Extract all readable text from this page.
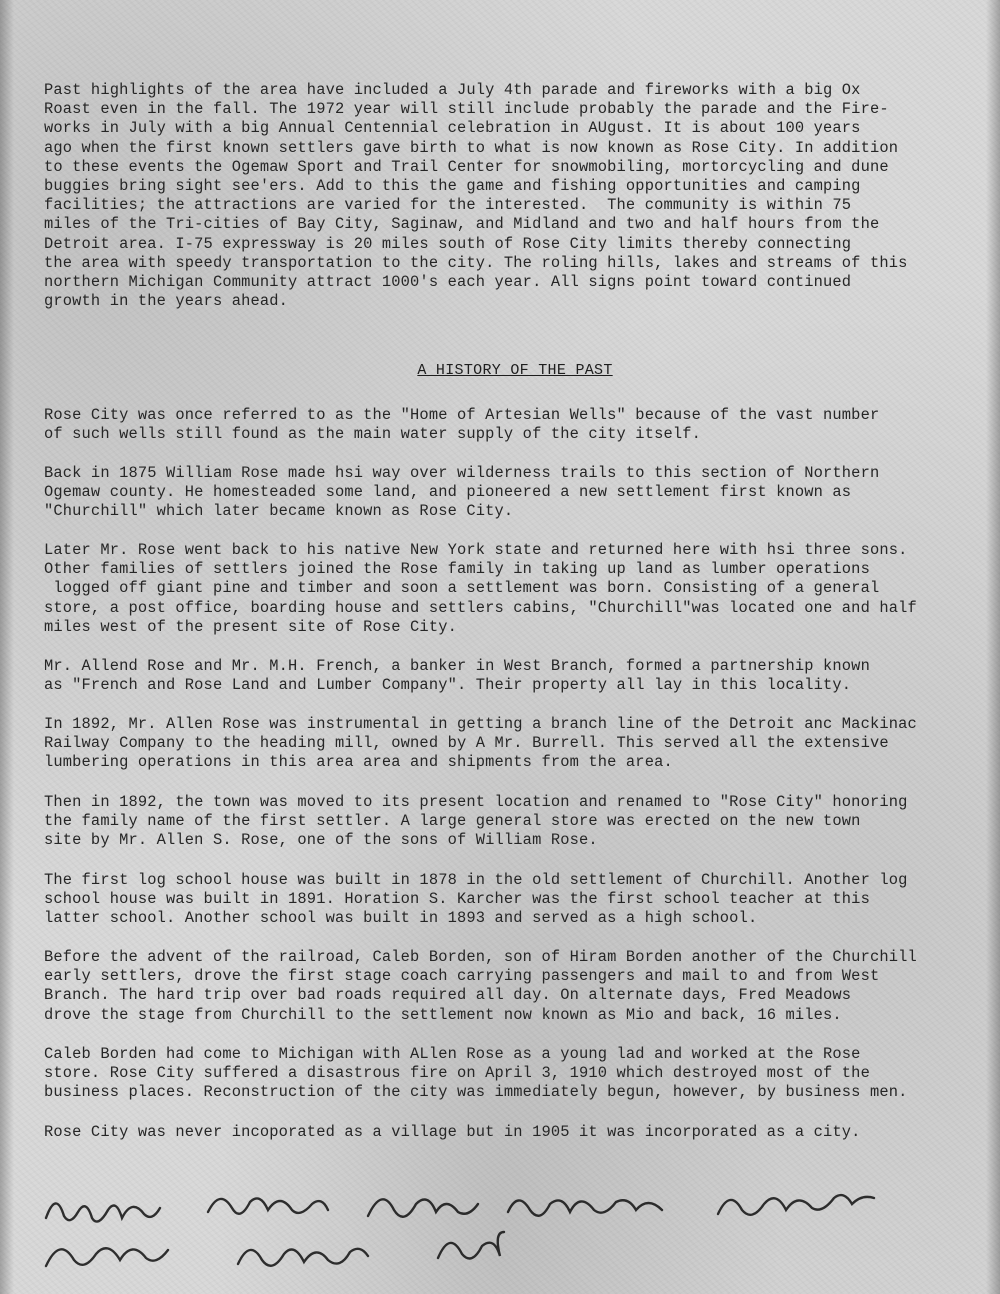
Past highlights of the area have included a July 4th parade and fireworks with a big Ox
Roast even in the fall. The 1972 year will still include probably the parade and the Fire-
works in July with a big Annual Centennial celebration in AUgust. It is about 100 years
ago when the first known settlers gave birth to what is now known as Rose City. In addition
to these events the Ogemaw Sport and Trail Center for snowmobiling, mortorcycling and dune
buggies bring sight see'ers. Add to this the game and fishing opportunities and camping
facilities; the attractions are varied for the interested.  The community is within 75
miles of the Tri-cities of Bay City, Saginaw, and Midland and two and half hours from the
Detroit area. I-75 expressway is 20 miles south of Rose City limits thereby connecting
the area with speedy transportation to the city. The roling hills, lakes and streams of this
northern Michigan Community attract 1000's each year. All signs point toward continued
growth in the years ahead.
A HISTORY OF THE PAST
Rose City was once referred to as the "Home of Artesian Wells" because of the vast number
of such wells still found as the main water supply of the city itself.
Back in 1875 William Rose made hsi way over wilderness trails to this section of Northern
Ogemaw county. He homesteaded some land, and pioneered a new settlement first known as
"Churchill" which later became known as Rose City.
Later Mr. Rose went back to his native New York state and returned here with hsi three sons.
Other families of settlers joined the Rose family in taking up land as lumber operations
logged off giant pine and timber and soon a settlement was born. Consisting of a general
store, a post office, boarding house and settlers cabins, "Churchill"was located one and half
miles west of the present site of Rose City.
Mr. Allend Rose and Mr. M.H. French, a banker in West Branch, formed a partnership known
as "French and Rose Land and Lumber Company". Their property all lay in this locality.
In 1892, Mr. Allen Rose was instrumental in getting a branch line of the Detroit anc Mackinac
Railway Company to the heading mill, owned by A Mr. Burrell. This served all the extensive
lumbering operations in this area area and shipments from the area.
Then in 1892, the town was moved to its present location and renamed to "Rose City" honoring
the family name of the first settler. A large general store was erected on the new town
site by Mr. Allen S. Rose, one of the sons of William Rose.
The first log school house was built in 1878 in the old settlement of Churchill. Another log
school house was built in 1891. Horation S. Karcher was the first school teacher at this
latter school. Another school was built in 1893 and served as a high school.
Before the advent of the railroad, Caleb Borden, son of Hiram Borden another of the Churchill
early settlers, drove the first stage coach carrying passengers and mail to and from West
Branch. The hard trip over bad roads required all day. On alternate days, Fred Meadows
drove the stage from Churchill to the settlement now known as Mio and back, 16 miles.
Caleb Borden had come to Michigan with ALlen Rose as a young lad and worked at the Rose
store. Rose City suffered a disastrous fire on April 3, 1910 which destroyed most of the
business places. Reconstruction of the city was immediately begun, however, by business men.
Rose City was never incoporated as a village but in 1905 it was incorporated as a city.
